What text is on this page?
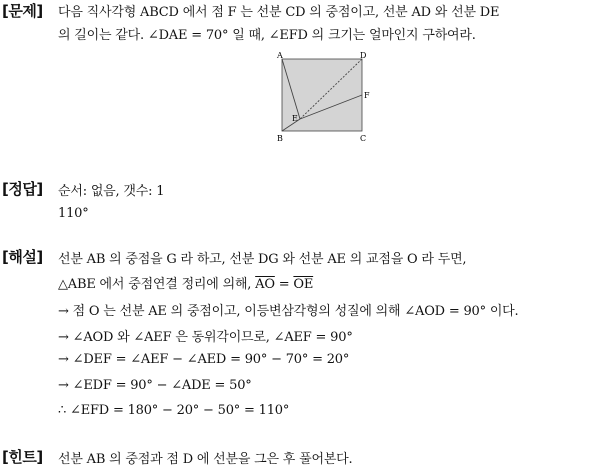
[문제] 다음 직사각형 ABCD 에서 점 F 는 선분 CD 의 중점이고, 선분 AD 와 선분 DE
의 길이는 같다. ∠DAE = 70° 일 때, ∠EFD 의 크기는 얼마인지 구하여라.
A	D
F
E
B	C
[정답] 순서: 없음, 갯수: 1
110°
[해설] 선분 AB 의 중점을 G 라 하고, 선분 DG 와 선분 AE 의 교점을 O 라 두면,
△ABE 에서 중점연결 정리에 의해, $\overline{AO} = \overline{OE}$
→ 점 O 는 선분 AE 의 중점이고, 이등변삼각형의 성질에 의해 ∠AOD = 90° 이다.
→ ∠AOD 와 ∠AEF 은 동위각이므로, ∠AEF = 90°
→ ∠DEF = ∠AEF − ∠AED = 90° − 70° = 20°
→ ∠EDF = 90° − ∠ADE = 50°
∴ ∠EFD = 180° − 20° − 50° = 110°
[힌트] 선분 AB 의 중점과 점 D 에 선분을 그은 후 풀어본다.
